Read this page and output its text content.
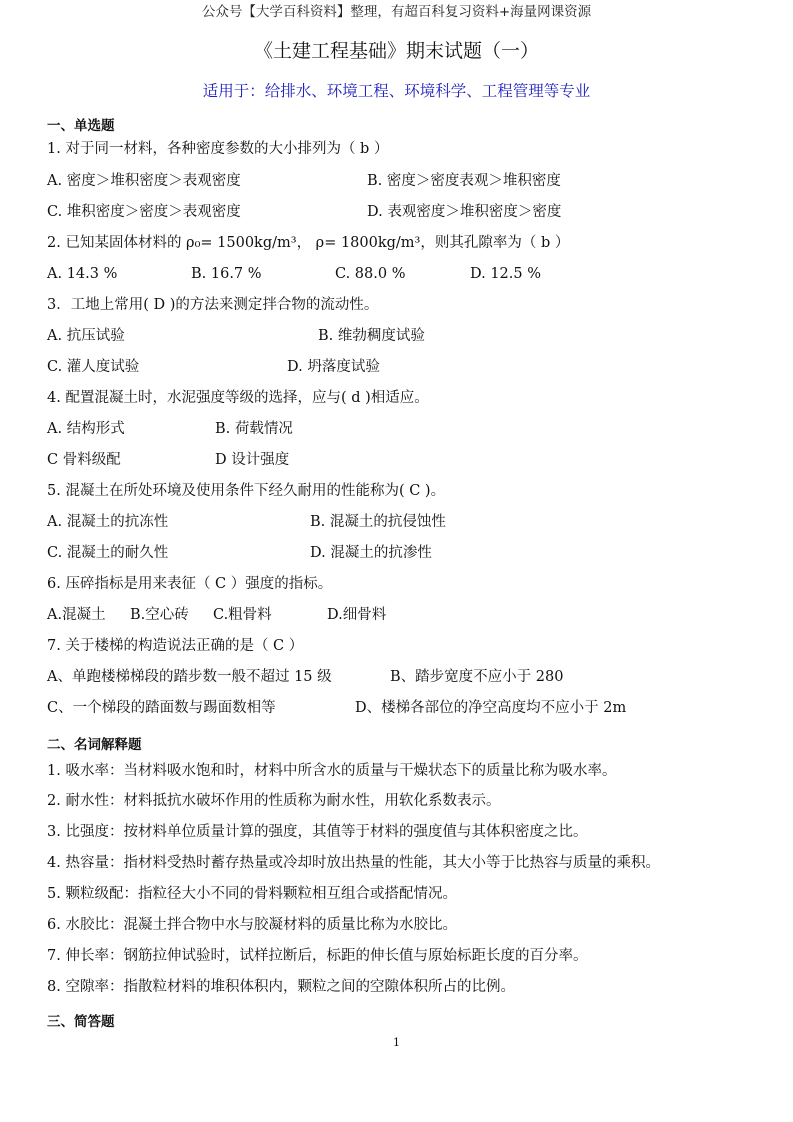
公众号【大学百科资料】整理，有超百科复习资料+海量网课资源
《土建工程基础》期末试题（一）
适用于：给排水、环境工程、环境科学、工程管理等专业
一、单选题
1. 对于同一材料，各种密度参数的大小排列为（ b ）
A. 密度＞堆积密度＞表观密度	B. 密度＞密度表观＞堆积密度
C. 堆积密度＞密度＞表观密度	D. 表观密度＞堆积密度＞密度
2. 已知某固体材料的 ρ₀= 1500kg/m³， ρ= 1800kg/m³，则其孔隙率为（ b ）
A. 14.3 %	B. 16.7 %	C. 88.0 %	D. 12.5 %
3．工地上常用( D )的方法来测定拌合物的流动性。
A. 抗压试验	B. 维勃稠度试验
C. 灌人度试验	D. 坍落度试验
4. 配置混凝土时，水泥强度等级的选择，应与( d )相适应。
A. 结构形式	B. 荷载情况
C 骨料级配	D 设计强度
5. 混凝土在所处环境及使用条件下经久耐用的性能称为( C )。
A. 混凝土的抗冻性	B. 混凝土的抗侵蚀性
C. 混凝土的耐久性	D. 混凝土的抗渗性
6. 压碎指标是用来表征（ C ）强度的指标。
A.混凝土 B.空心砖 C.粗骨料	D.细骨料
7. 关于楼梯的构造说法正确的是（ C ）
A、单跑楼梯梯段的踏步数一般不超过 15 级	B、踏步宽度不应小于 280
C、一个梯段的踏面数与踢面数相等	D、楼梯各部位的净空高度均不应小于 2m
二、名词解释题
1. 吸水率：当材料吸水饱和时，材料中所含水的质量与干燥状态下的质量比称为吸水率。
2. 耐水性：材料抵抗水破坏作用的性质称为耐水性，用软化系数表示。
3. 比强度：按材料单位质量计算的强度，其值等于材料的强度值与其体积密度之比。
4. 热容量：指材料受热时蓄存热量或冷却时放出热量的性能，其大小等于比热容与质量的乘积。
5. 颗粒级配：指粒径大小不同的骨料颗粒相互组合或搭配情况。
6. 水胶比：混凝土拌合物中水与胶凝材料的质量比称为水胶比。
7. 伸长率：钢筋拉伸试验时，试样拉断后，标距的伸长值与原始标距长度的百分率。
8. 空隙率：指散粒材料的堆积体积内，颗粒之间的空隙体积所占的比例。
三、简答题
1
